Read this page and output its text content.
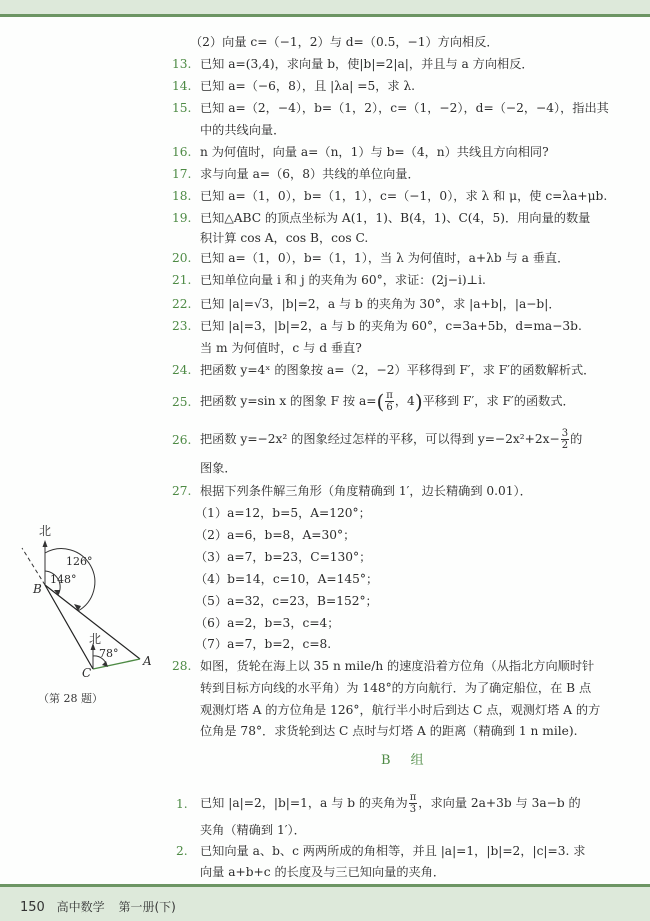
（2）向量 c=（−1，2）与 d=（0.5，−1）方向相反．
13. 已知 a=(3,4)，求向量 b，使|b|=2|a|，并且与 a 方向相反．
14. 已知 a=（−6，8），且 |λa| =5，求 λ.
15. 已知 a=（2，−4），b=（1，2），c=（1，−2），d=（−2，−4），指出其
中的共线向量．
16. n 为何值时，向量 a=（n，1）与 b=（4，n）共线且方向相同?
17. 求与向量 a=（6，8）共线的单位向量．
18. 已知 a=（1，0），b=（1，1），c=（−1，0），求 λ 和 μ，使 c=λa+μb.
19. 已知△ABC 的顶点坐标为 A(1，1)、B(4，1)、C(4，5)．用向量的数量
积计算 cos A，cos B，cos C.
20. 已知 a=（1，0），b=（1，1），当 λ 为何值时，a+λb 与 a 垂直．
21. 已知单位向量 i 和 j 的夹角为 60°，求证：(2j−i)⊥i.
22. 已知 |a|=√3，|b|=2，a 与 b 的夹角为 30°，求 |a+b|，|a−b|．
23. 已知 |a|=3，|b|=2，a 与 b 的夹角为 60°，c=3a+5b，d=ma−3b.
当 m 为何值时，c 与 d 垂直?
24. 把函数 y=4ˣ 的图象按 a=（2，−2）平移得到 F′，求 F′的函数解析式．
25. 把函数 y=sin x 的图象 F 按 $a=( \frac{\pi}{6}$ ，4)平移到 F′，求 F′的函数式．
26. 把函数 y=−2x² 的图象经过怎样的平移，可以得到 $y=-2x^2+2x- \frac{3}{2}$ 的
图象．
27. 根据下列条件解三角形（角度精确到 1′，边长精确到 0.01）．
（1）a=12，b=5，A=120°；
（2）a=6，b=8，A=30°；
（3）a=7，b=23，C=130°；
（4）b=14，c=10，A=145°；
（5）a=32，c=23，B=152°；
（6）a=2，b=3，c=4；
（7）a=7，b=2，c=8.
28. 如图，货轮在海上以 35 n mile/h 的速度沿着方位角（从指北方向顺时针
转到目标方向线的水平角）为 148°的方向航行．为了确定船位，在 B 点
观测灯塔 A 的方位角是 126°，航行半小时后到达 C 点，观测灯塔 A 的方
位角是 78°．求货轮到达 C 点时与灯塔 A 的距离（精确到 1 n mile).
B 组
1. 已知 |a|=2，|b|=1，a 与 b 的夹角为 $\frac{\pi}{3}$ ，求向量 2a+3b 与 3a−b 的
夹角（精确到 1′）．
2. 已知向量 a、b、c 两两所成的角相等，并且 |a|=1，|b|=2，|c|=3. 求
向量 a+b+c 的长度及与三已知向量的夹角．
北
126°
148°
B
北
78°
C
A
（第 28 题）
150 高中数学 第一册(下)
